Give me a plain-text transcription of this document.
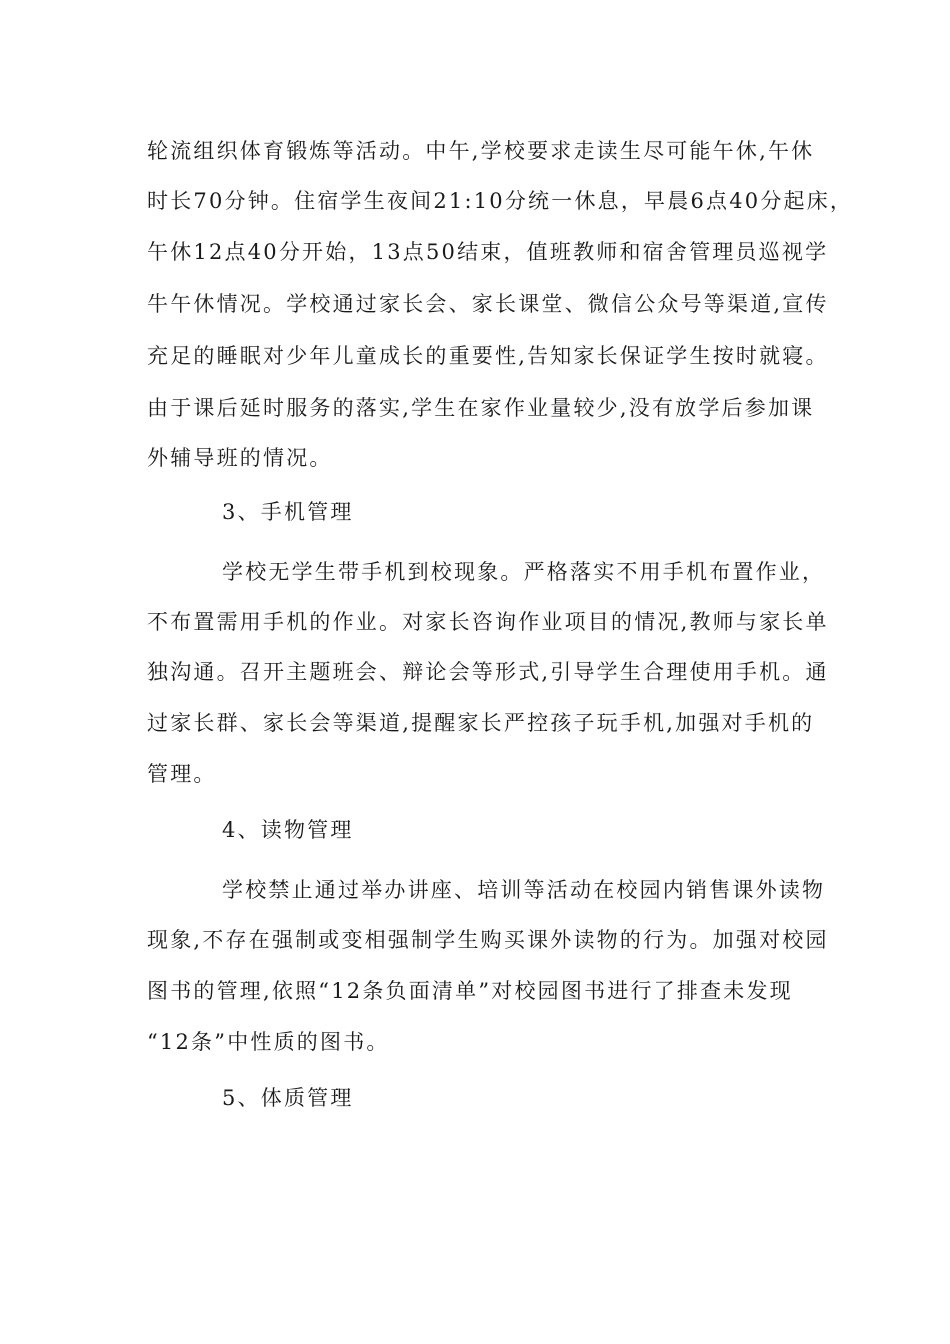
轮流组织体育锻炼等活动。中午,学校要求走读生尽可能午休,午休
时长70分钟。住宿学生夜间21:10分统一休息，早晨6点40分起床，
午休12点40分开始，13点50结束，值班教师和宿舍管理员巡视学
牛午休情况。学校通过家长会、家长课堂、微信公众号等渠道,宣传
充足的睡眠对少年儿童成长的重要性,告知家长保证学生按时就寝。
由于课后延时服务的落实,学生在家作业量较少,没有放学后参加课
外辅导班的情况。
3、手机管理
学校无学生带手机到校现象。严格落实不用手机布置作业，
不布置需用手机的作业。对家长咨询作业项目的情况,教师与家长单
独沟通。召开主题班会、辩论会等形式,引导学生合理使用手机。通
过家长群、家长会等渠道,提醒家长严控孩子玩手机,加强对手机的
管理。
4、读物管理
学校禁止通过举办讲座、培训等活动在校园内销售课外读物
现象,不存在强制或变相强制学生购买课外读物的行为。加强对校园
图书的管理,依照“12条负面清单”对校园图书进行了排查未发现
“12条”中性质的图书。
5、体质管理
